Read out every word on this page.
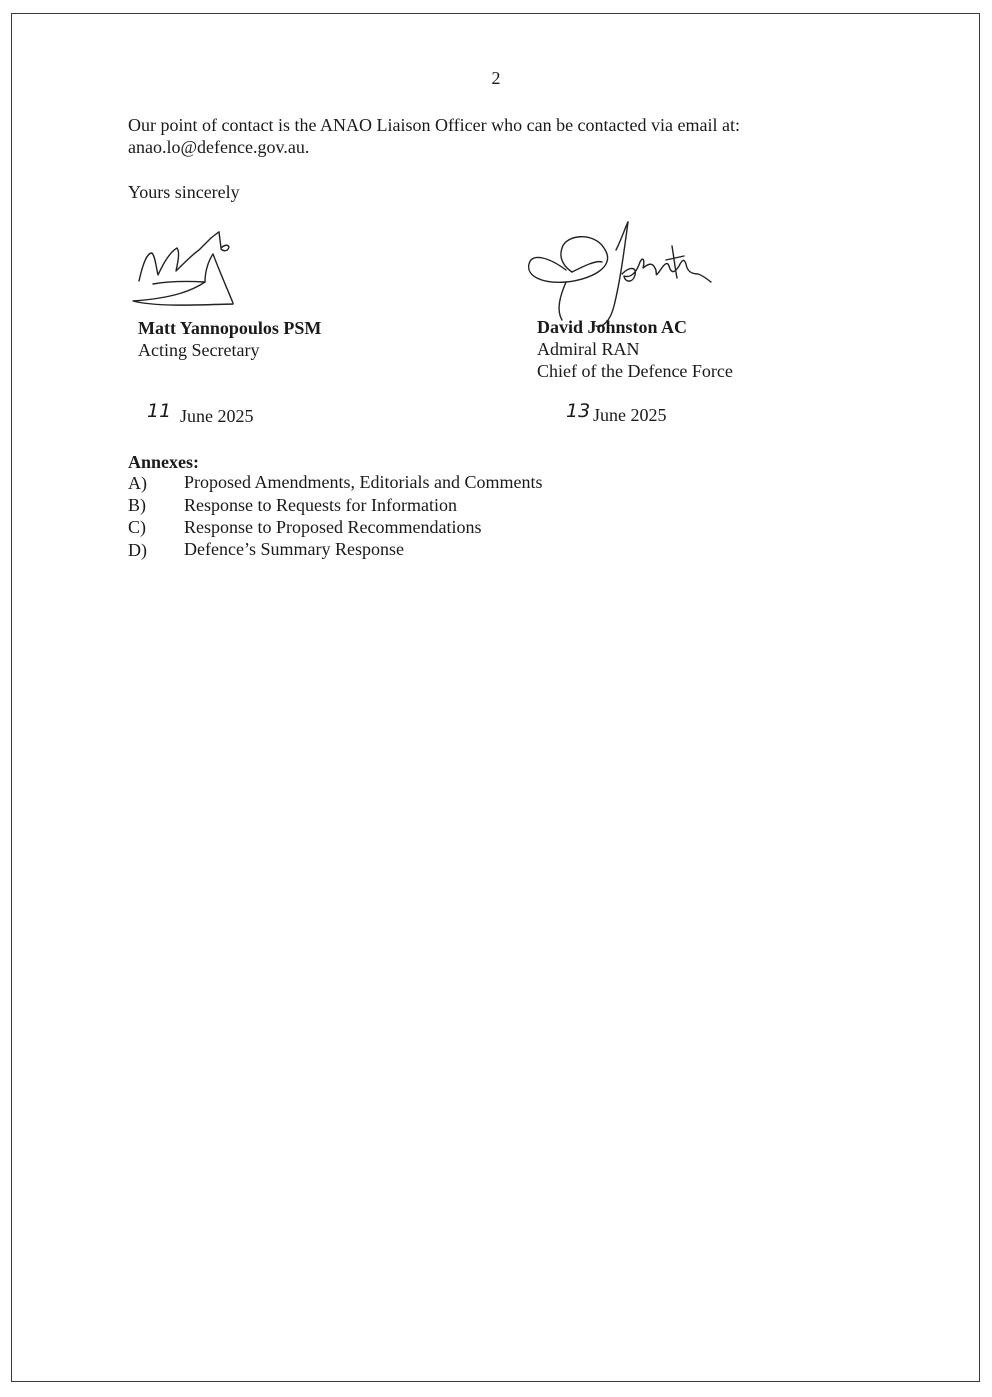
2
Our point of contact is the ANAO Liaison Officer who can be contacted via email at:
anao.lo@defence.gov.au.
Yours sincerely
Matt Yannopoulos PSM
Acting Secretary
David Johnston AC
Admiral RAN
Chief of the Defence Force
11 June 2025	13 June 2025
Annexes:
A) Proposed Amendments, Editorials and Comments
B) Response to Requests for Information
C) Response to Proposed Recommendations
D) Defence’s Summary Response
